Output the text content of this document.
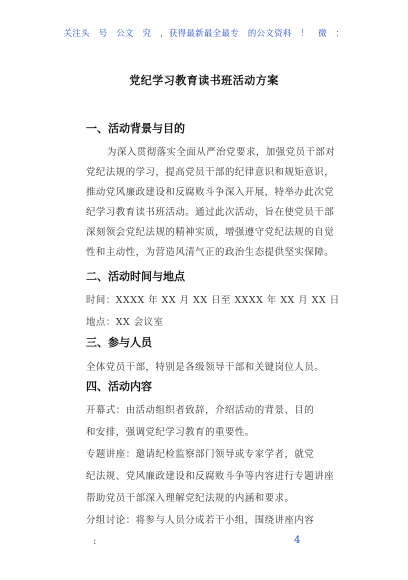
关注头　号　公文　究　，获得最新最全最专　的公文资料　！　微　：
党纪学习教育读书班活动方案
一、活动背景与目的
为深入贯彻落实全面从严治党要求，加强党员干部对
党纪法规的学习，提高党员干部的纪律意识和规矩意识，
推动党风廉政建设和反腐败斗争深入开展，特举办此次党
纪学习教育读书班活动。通过此次活动，旨在使党员干部
深刻领会党纪法规的精神实质，增强遵守党纪法规的自觉
性和主动性，为营造风清气正的政治生态提供坚实保障。
二、活动时间与地点
时间：XXXX 年 XX 月 XX 日至 XXXX 年 XX 月 XX 日
地点：XX 会议室
三、参与人员
全体党员干部，特别是各级领导干部和关键岗位人员。
四、活动内容
开幕式：由活动组织者致辞，介绍活动的背景、目的
和安排，强调党纪学习教育的重要性。
专题讲座：邀请纪检监察部门领导或专家学者，就党
纪法规、党风廉政建设和反腐败斗争等内容进行专题讲座
帮助党员干部深入理解党纪法规的内涵和要求。
分组讨论：将参与人员分成若干小组，围绕讲座内容
:	4
